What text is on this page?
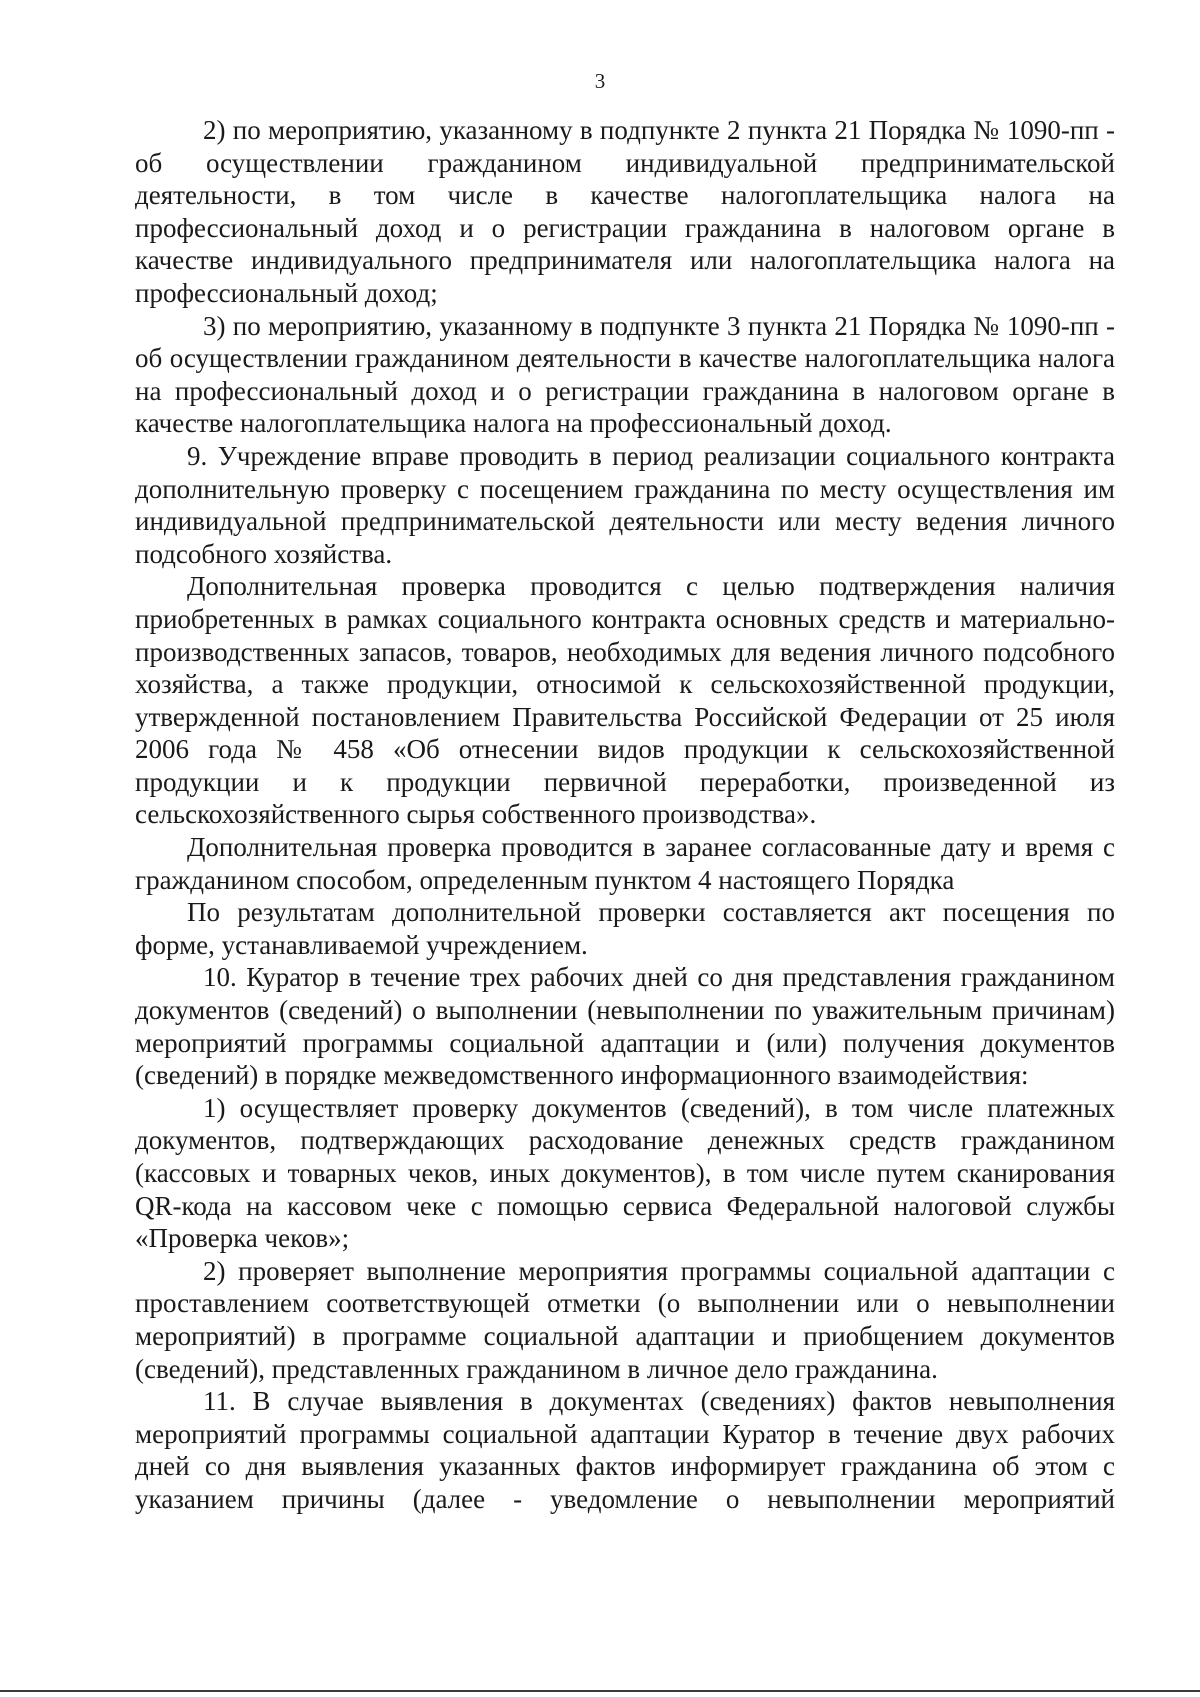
3

2) по мероприятию, указанному в подпункте 2 пункта 21 Порядка № 1090-пп - об осуществлении гражданином индивидуальной предпринимательской деятельности, в том числе в качестве налогоплательщика налога на профессиональный доход и о регистрации гражданина в налоговом органе в качестве индивидуального предпринимателя или налогоплательщика налога на профессиональный доход;

3) по мероприятию, указанному в подпункте 3 пункта 21 Порядка № 1090-пп - об осуществлении гражданином деятельности в качестве налогоплательщика налога на профессиональный доход и о регистрации гражданина в налоговом органе в качестве налогоплательщика налога на профессиональный доход.

9. Учреждение вправе проводить в период реализации социального контракта дополнительную проверку с посещением гражданина по месту осуществления им индивидуальной предпринимательской деятельности или месту ведения личного подсобного хозяйства.

Дополнительная проверка проводится с целью подтверждения наличия приобретенных в рамках социального контракта основных средств и материально-производственных запасов, товаров, необходимых для ведения личного подсобного хозяйства, а также продукции, относимой к сельскохозяйственной продукции, утвержденной постановлением Правительства Российской Федерации от 25 июля 2006 года № 458 «Об отнесении видов продукции к сельскохозяйственной продукции и к продукции первичной переработки, произведенной из сельскохозяйственного сырья собственного производства».

Дополнительная проверка проводится в заранее согласованные дату и время с гражданином способом, определенным пунктом 4 настоящего Порядка

По результатам дополнительной проверки составляется акт посещения по форме, устанавливаемой учреждением.

10. Куратор в течение трех рабочих дней со дня представления гражданином документов (сведений) о выполнении (невыполнении по уважительным причинам) мероприятий программы социальной адаптации и (или) получения документов (сведений) в порядке межведомственного информационного взаимодействия:

1) осуществляет проверку документов (сведений), в том числе платежных документов, подтверждающих расходование денежных средств гражданином (кассовых и товарных чеков, иных документов), в том числе путем сканирования QR-кода на кассовом чеке с помощью сервиса Федеральной налоговой службы «Проверка чеков»;

2) проверяет выполнение мероприятия программы социальной адаптации с проставлением соответствующей отметки (о выполнении или о невыполнении мероприятий) в программе социальной адаптации и приобщением документов (сведений), представленных гражданином в личное дело гражданина.

11. В случае выявления в документах (сведениях) фактов невыполнения мероприятий программы социальной адаптации Куратор в течение двух рабочих дней со дня выявления указанных фактов информирует гражданина об этом с указанием причины (далее - уведомление о невыполнении мероприятий
